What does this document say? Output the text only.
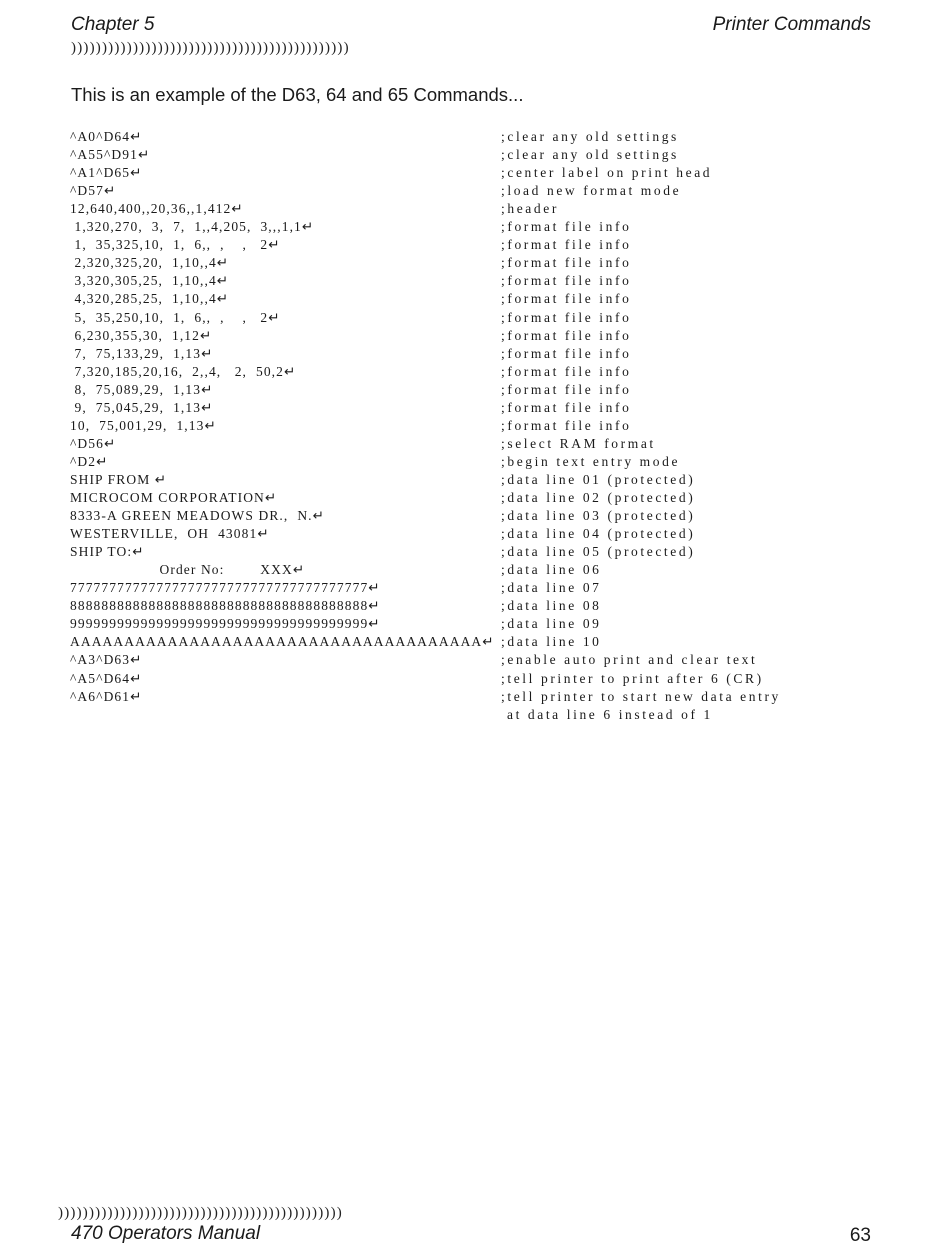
Chapter 5	Printer Commands
)))))))))))))))))))))))))))))))))))))))))))))
This is an example of the D63, 64 and 65 Commands...
^A0^D64↵	;clear any old settings
^A55^D91↵	;clear any old settings
^A1^D65↵	;center label on print head
^D57↵	;load new format mode
12,640,400,,20,36,,1,412↵	;header
1,320,270,  3,  7,  1,,4,205,  3,,,1,1↵	;format file info
1,  35,325,10,  1,  6,,  ,    ,   2↵	;format file info
2,320,325,20,  1,10,,4↵	;format file info
3,320,305,25,  1,10,,4↵	;format file info
4,320,285,25,  1,10,,4↵	;format file info
5,  35,250,10,  1,  6,,  ,    ,   2↵	;format file info
6,230,355,30,  1,12↵	;format file info
7,  75,133,29,  1,13↵	;format file info
7,320,185,20,16,  2,,4,   2,  50,2↵	;format file info
8,  75,089,29,  1,13↵	;format file info
9,  75,045,29,  1,13↵	;format file info
10,  75,001,29,  1,13↵	;format file info
^D56↵	;select RAM format
^D2↵	;begin text entry mode
SHIP FROM ↵	;data line 01 (protected)
MICROCOM CORPORATION↵	;data line 02 (protected)
8333-A GREEN MEADOWS DR.,  N.↵	;data line 03 (protected)
WESTERVILLE,  OH  43081↵	;data line 04 (protected)
SHIP TO:↵	;data line 05 (protected)
Order No:        XXX↵	;data line 06
77777777777777777777777777777777777777↵	;data line 07
88888888888888888888888888888888888888↵	;data line 08
99999999999999999999999999999999999999↵	;data line 09
AAAAAAAAAAAAAAAAAAAAAAAAAAAAAAAAAAAAAA↵ ;data line 10
^A3^D63↵	;enable auto print and clear text
^A5^D64↵	;tell printer to print after 6 (CR)
^A6^D61↵	;tell printer to start new data entry
at data line 6 instead of 1
))))))))))))))))))))))))))))))))))))))))))))))
470 Operators Manual	63
